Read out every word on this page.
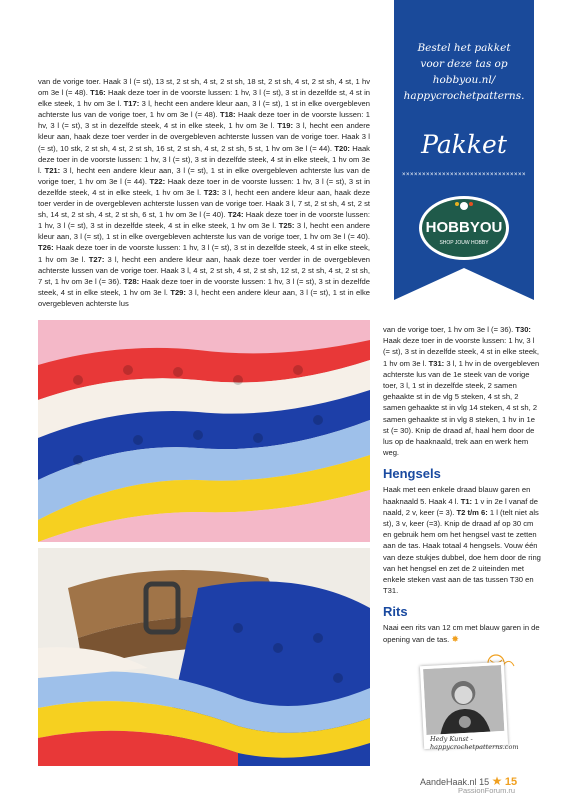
van de vorige toer. Haak 3 l (= st), 13 st, 2 st sh, 4 st, 2 st sh, 18 st, 2 st sh, 4 st, 2 st sh, 4 st, 1 hv om 3e l (= 48). T16: Haak deze toer in de voorste lussen: 1 hv, 3 l (= st), 3 st in dezelfde st, 4 st in elke steek, 1 hv om 3e l. T17: 3 l, hecht een andere kleur aan, 3 l (= st), 1 st in elke overgebleven achterste lus van de vorige toer, 1 hv om 3e l (= 48). T18: Haak deze toer in de voorste lussen: 1 hv, 3 l (= st), 3 st in dezelfde steek, 4 st in elke steek, 1 hv om 3e l. T19: 3 l, hecht een andere kleur aan, haak deze toer verder in de overgebleven achterste lussen van de vorige toer. Haak 3 l (= st), 10 stk, 2 st sh, 4 st, 2 st sh, 16 st, 2 st sh, 4 st, 2 st sh, 5 st, 1 hv om 3e l (= 44). T20: Haak deze toer in de voorste lussen: 1 hv, 3 l (= st), 3 st in dezelfde steek, 4 st in elke steek, 1 hv om 3e l. T21: 3 l, hecht een andere kleur aan, 3 l (= st), 1 st in elke overgebleven achterste lus van de vorige toer, 1 hv om 3e l (= 44). T22: Haak deze toer in de voorste lussen: 1 hv, 3 l (= st), 3 st in dezelfde steek, 4 st in elke steek, 1 hv om 3e l. T23: 3 l, hecht een andere kleur aan, haak deze toer verder in de overgebleven achterste lussen van de vorige toer. Haak 3 l, 7 st, 2 st sh, 4 st, 2 st sh, 14 st, 2 st sh, 4 st, 2 st sh, 6 st, 1 hv om 3e l (= 40). T24: Haak deze toer in de voorste lussen: 1 hv, 3 l (= st), 3 st in dezelfde steek, 4 st in elke steek, 1 hv om 3e l. T25: 3 l, hecht een andere kleur aan, 3 l (= st), 1 st in elke overgebleven achterste lus van de vorige toer, 1 hv om 3e l (= 40). T26: Haak deze toer in de voorste lussen: 1 hv, 3 l (= st), 3 st in dezelfde steek, 4 st in elke steek, 1 hv om 3e l. T27: 3 l, hecht een andere kleur aan, haak deze toer verder in de overgebleven achterste lussen van de vorige toer. Haak 3 l, 4 st, 2 st sh, 4 st, 2 st sh, 12 st, 2 st sh, 4 st, 2 st sh, 7 st, 1 hv om 3e l (= 36). T28: Haak deze toer in de voorste lussen: 1 hv, 3 l (= st), 3 st in dezelfde steek, 4 st in elke steek, 1 hv om 3e l. T29: 3 l, hecht een andere kleur aan, 3 l (= st), 1 st in elke overgebleven achterste lus
Bestel het pakket
voor deze tas op
hobbyou.nl/
happycrochetpatterns.
Pakket
×××××××××××××××××××××××××××××××
HOBBYOU
SHOP JOUW HOBBY

van de vorige toer, 1 hv om 3e l (= 36). T30: Haak deze toer in de voorste lussen: 1 hv, 3 l (= st), 3 st in dezelfde steek, 4 st in elke steek, 1 hv om 3e l. T31: 3 l, 1 hv in de overgebleven achterste lus van de 1e steek van de vorige toer, 3 l, 1 st in dezelfde steek, 2 samen gehaakte st in de vlg 5 steken, 4 st sh, 2 samen gehaakte st in vlg 14 steken, 4 st sh, 2 samen gehaakte st in vlg 8 steken, 1 hv in 1e st (= 30). Knip de draad af, haal hem door de lus op de haaknaald, trek aan en werk hem weg.

Hengsels

Haak met een enkele draad blauw garen en haaknaald 5. Haak 4 l. T1: 1 v in 2e l vanaf de naald, 2 v, keer (= 3). T2 t/m 6: 1 l (telt niet als st), 3 v, keer (=3). Knip de draad af op 30 cm en gebruik hem om het hengsel vast te zetten aan de tas. Haak totaal 4 hengsels. Vouw één van deze stukjes dubbel, doe hem door de ring van het hengsel en zet de 2 uiteinden met enkele steken vast aan de tas tussen T30 en T31.

Rits

Naai een rits van 12 cm met blauw garen in de opening van de tas. ✸

Hedy Kunst -
happycrochetpatterns.com
AandeHaak.nl 15 ★ 15
PassionForum.ru
